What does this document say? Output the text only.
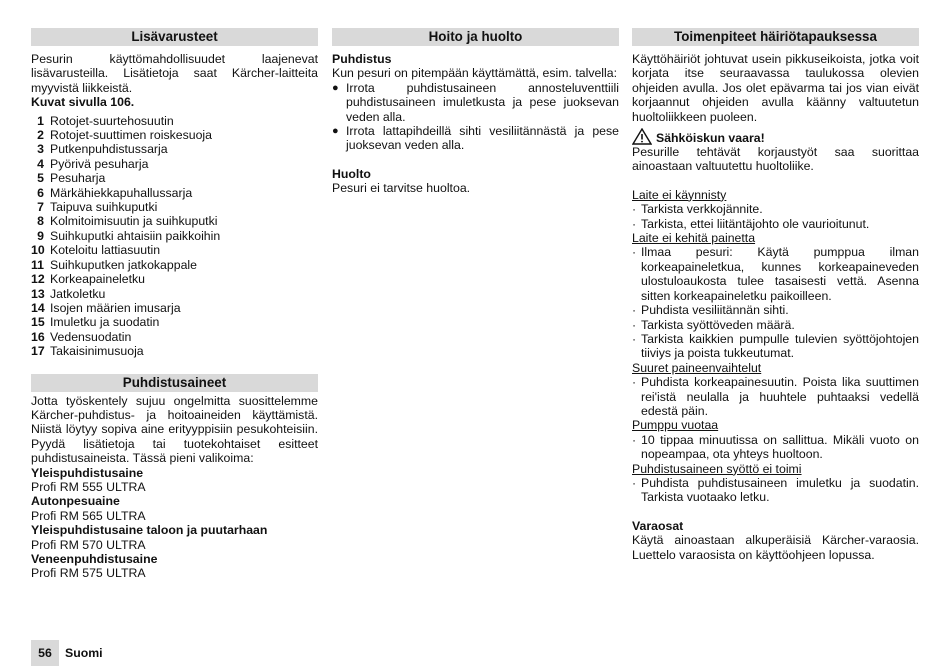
Lisävarusteet

Pesurin käyttömahdollisuudet laajenevat lisävarusteilla. Lisätietoja saat Kärcher-laitteita myyvistä liikkeistä.

Kuvat sivulla 106.
1 Rotojet-suurtehosuutin
2 Rotojet-suuttimen roiskesuoja
3 Putkenpuhdistussarja
4 Pyörivä pesuharja
5 Pesuharja
6 Märkähiekkapuhallussarja
7 Taipuva suihkuputki
8 Kolmitoimisuutin ja suihkuputki
9 Suihkuputki ahtaisiin paikkoihin
10 Koteloitu lattiasuutin
11 Suihkuputken jatkokappale
12 Korkeapaineletku
13 Jatkoletku
14 Isojen määrien imusarja
15 Imuletku ja suodatin
16 Vedensuodatin
17 Takaisinimusuoja
Puhdistusaineet

Jotta työskentely sujuu ongelmitta suosittelemme Kärcher-puhdistus- ja hoitoaineiden käyttämistä. Niistä löytyy sopiva aine erityyppisiin pesukohteisiin. Pyydä lisätietoja tai tuotekohtaiset esitteet puhdistusaineista. Tässä pieni valikoima:

Yleispuhdistusaine
Profi RM 555 ULTRA
Autonpesuaine
Profi RM 565 ULTRA
Yleispuhdistusaine taloon ja puutarhaan
Profi RM 570 ULTRA
Veneenpuhdistusaine
Profi RM 575 ULTRA
Hoito ja huolto
Puhdistus
Kun pesuri on pitempään käyttämättä, esim. talvella:
● Irrota puhdistusaineen annosteluventtiili puhdistusaineen imuletkusta ja pese juoksevan veden alla.
● Irrota lattapihdeillä sihti vesiliitännästä ja pese juoksevan veden alla.
Huolto
Pesuri ei tarvitse huoltoa.
Toimenpiteet häiriötapauksessa

Käyttöhäiriöt johtuvat usein pikkuseikoista, jotka voit korjata itse seuraavassa taulukossa olevien ohjeiden avulla. Jos olet epävarma tai jos vian eivät korjaannut ohjeiden avulla käänny valtuutetun huoltoliikkeen puoleen.

Sähköiskun vaara!

Pesurille tehtävät korjaustyöt saa suorittaa ainoastaan valtuutettu huoltoliike.

Laite ei käynnisty
· Tarkista verkkojännite.
· Tarkista, ettei liitäntäjohto ole vaurioitunut.
Laite ei kehitä painetta
· Ilmaa pesuri: Käytä pumppua ilman korkeapaineletkua, kunnes korkeapaineveden ulostuloaukosta tulee tasaisesti vettä. Asenna sitten korkeapaineletku paikoilleen.
· Puhdista vesiliitännän sihti.
· Tarkista syöttöveden määrä.
· Tarkista kaikkien pumpulle tulevien syöttöjohtojen tiiviys ja poista tukkeutumat.
Suuret paineenvaihtelut
· Puhdista korkeapainesuutin. Poista lika suuttimen rei'istä neulalla ja huuhtele puhtaaksi vedellä edestä päin.
Pumppu vuotaa
· 10 tippaa minuutissa on sallittua. Mikäli vuoto on nopeampaa, ota yhteys huoltoon.
Puhdistusaineen syöttö ei toimi
· Puhdista puhdistusaineen imuletku ja suodatin. Tarkista vuotaako letku.
Varaosat

Käytä ainoastaan alkuperäisiä Kärcher-varaosia. Luettelo varaosista on käyttöohjeen lopussa.

56	Suomi
